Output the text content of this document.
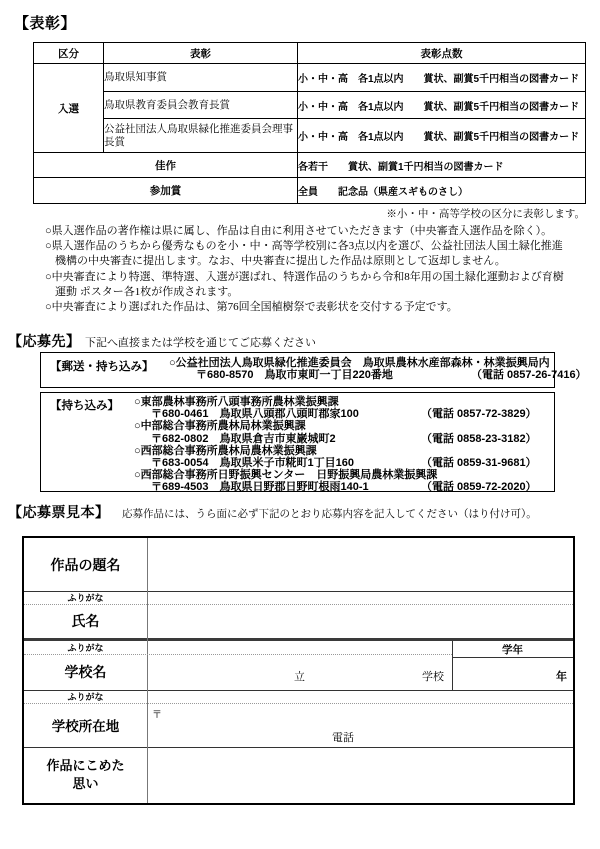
【表彰】
区分	表彰	表彰点数
入選	鳥取県知事賞	小・中・高　各1点以内　　賞状、副賞5千円相当の図書カード
	鳥取県教育委員会教育長賞	小・中・高　各1点以内　　賞状、副賞5千円相当の図書カード
	公益社団法人鳥取県緑化推進委員会理事長賞	小・中・高　各1点以内　　賞状、副賞5千円相当の図書カード
佳作		各若干　　賞状、副賞1千円相当の図書カード
参加賞		全員　　記念品（県産スギものさし）
※小・中・高等学校の区分に表彰します。
○県入選作品の著作権は県に属し、作品は自由に利用させていただきます（中央審査入選作品を除く）。
○県入選作品のうちから優秀なものを小・中・高等学校別に各3点以内を選び、公益社団法人国土緑化推進
機構の中央審査に提出します。なお、中央審査に提出した作品は原則として返却しません。
○中央審査により特選、準特選、入選が選ばれ、特選作品のうちから令和8年用の国土緑化運動および育樹
運動 ポスター各1枚が作成されます。
○中央審査により選ばれた作品は、第76回全国植樹祭で表彰状を交付する予定です。
【応募先】 下記へ直接または学校を通じてご応募ください
【郵送・持ち込み】 ○公益社団法人鳥取県緑化推進委員会　鳥取県農林水産部森林・林業振興局内
〒680-8570　鳥取市東町一丁目220番地	（電話 0857-26-7416）
【持ち込み】 ○東部農林事務所八頭事務所農林業振興課
〒680-0461　鳥取県八頭郡八頭町郡家100	（電話 0857-72-3829）
○中部総合事務所農林局林業振興課
〒682-0802　鳥取県倉吉市東巌城町2	（電話 0858-23-3182）
○西部総合事務所農林局農林業振興課
〒683-0054　鳥取県米子市糀町1丁目160	（電話 0859-31-9681）
○西部総合事務所日野振興センター　日野振興局農林業振興課
〒689-4503　鳥取県日野郡日野町根雨140-1	（電話 0859-72-2020）
【応募票見本】 応募作品には、うら面に必ず下記のとおり応募内容を記入してください（はり付け可）。
作品の題名
ふりがな
氏名
ふりがな
学校名	立	学校
学年
年
ふりがな
学校所在地
〒
電話
作品にこめた
思い
